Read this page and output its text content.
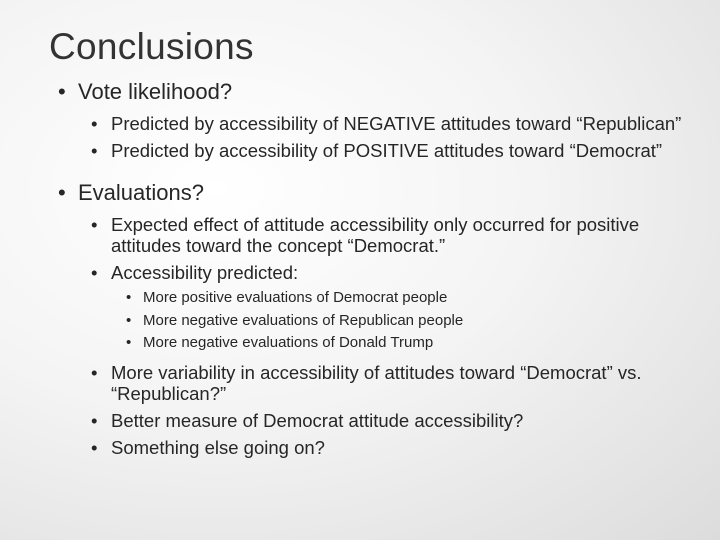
Conclusions
• Vote likelihood?
• Predicted by accessibility of NEGATIVE attitudes toward “Republican”
• Predicted by accessibility of POSITIVE attitudes toward “Democrat”
• Evaluations?
• Expected effect of attitude accessibility only occurred for positive attitudes toward the concept “Democrat.”
• Accessibility predicted:
• More positive evaluations of Democrat people
• More negative evaluations of Republican people
• More negative evaluations of Donald Trump
• More variability in accessibility of attitudes toward “Democrat” vs. “Republican?”
• Better measure of Democrat attitude accessibility?
• Something else going on?
